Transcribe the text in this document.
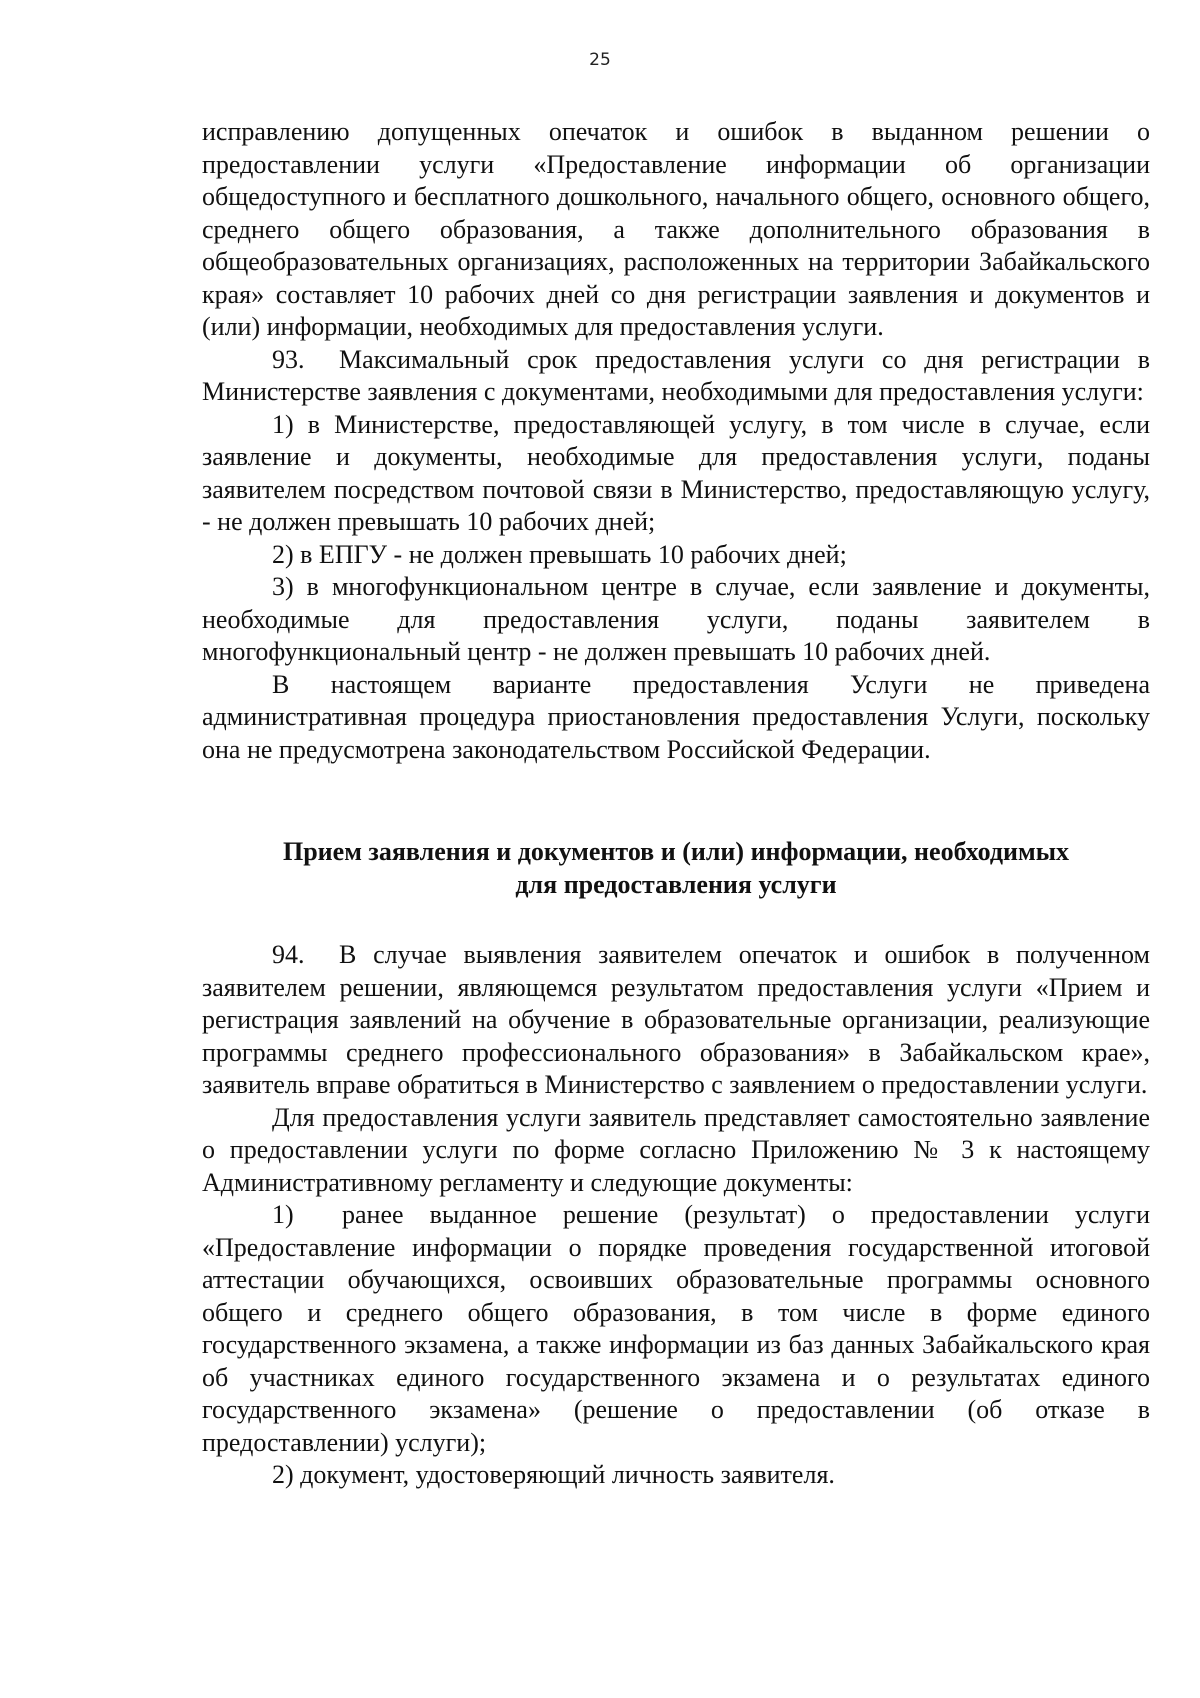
25

исправлению допущенных опечаток и ошибок в выданном решении о предоставлении услуги «Предоставление информации об организации общедоступного и бесплатного дошкольного, начального общего, основного общего, среднего общего образования, а также дополнительного образования в общеобразовательных организациях, расположенных на территории Забайкальского края» составляет 10 рабочих дней со дня регистрации заявления и документов и (или) информации, необходимых для предоставления услуги.

93. Максимальный срок предоставления услуги со дня регистрации в Министерстве заявления с документами, необходимыми для предоставления услуги:

1) в Министерстве, предоставляющей услугу, в том числе в случае, если заявление и документы, необходимые для предоставления услуги, поданы заявителем посредством почтовой связи в Министерство, предоставляющую услугу, - не должен превышать 10 рабочих дней;

2) в ЕПГУ - не должен превышать 10 рабочих дней;

3) в многофункциональном центре в случае, если заявление и документы, необходимые для предоставления услуги, поданы заявителем в многофункциональный центр - не должен превышать 10 рабочих дней.

В настоящем варианте предоставления Услуги не приведена административная процедура приостановления предоставления Услуги, поскольку она не предусмотрена законодательством Российской Федерации.

Прием заявления и документов и (или) информации, необходимых
для предоставления услуги

94. В случае выявления заявителем опечаток и ошибок в полученном заявителем решении, являющемся результатом предоставления услуги «Прием и регистрация заявлений на обучение в образовательные организации, реализующие программы среднего профессионального образования» в Забайкальском крае», заявитель вправе обратиться в Министерство с заявлением о предоставлении услуги.

Для предоставления услуги заявитель представляет самостоятельно заявление о предоставлении услуги по форме согласно Приложению № 3 к настоящему Административному регламенту и следующие документы:

1) ранее выданное решение (результат) о предоставлении услуги «Предоставление информации о порядке проведения государственной итоговой аттестации обучающихся, освоивших образовательные программы основного общего и среднего общего образования, в том числе в форме единого государственного экзамена, а также информации из баз данных Забайкальского края об участниках единого государственного экзамена и о результатах единого государственного экзамена» (решение о предоставлении (об отказе в предоставлении) услуги);

2) документ, удостоверяющий личность заявителя.
